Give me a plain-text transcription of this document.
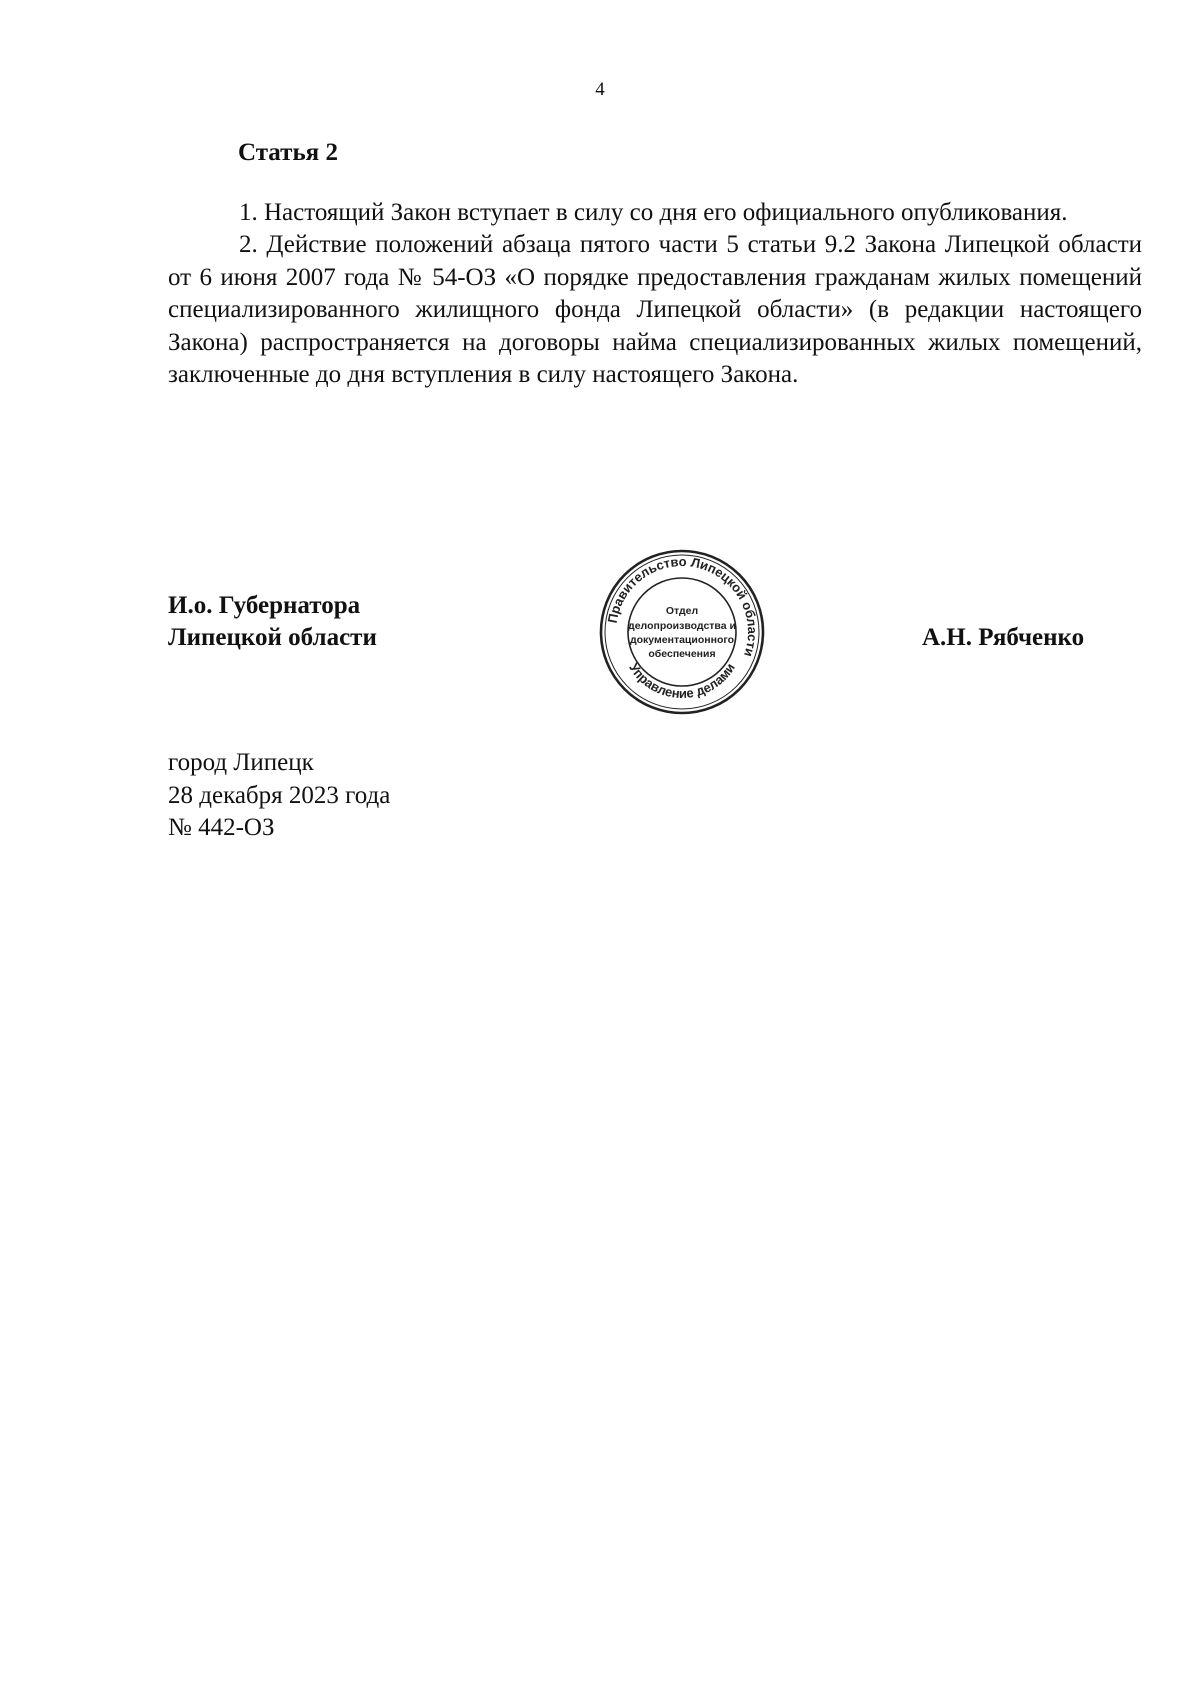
4
Статья 2

1. Настоящий Закон вступает в силу со дня его официального опубликования.

2. Действие положений абзаца пятого части 5 статьи 9.2 Закона Липецкой области от 6 июня 2007 года № 54-ОЗ «О порядке предоставления гражданам жилых помещений специализированного жилищного фонда Липецкой области» (в редакции настоящего Закона) распространяется на договоры найма специализированных жилых помещений, заключенные до дня вступления в силу настоящего Закона.

И.о. Губернатора
Липецкой области
Правительство Липецкой области
Управление делами
Отдел
делопроизводства и
документационного
обеспечения
А.Н. Рябченко
город Липецк
28 декабря 2023 года
№ 442-ОЗ
